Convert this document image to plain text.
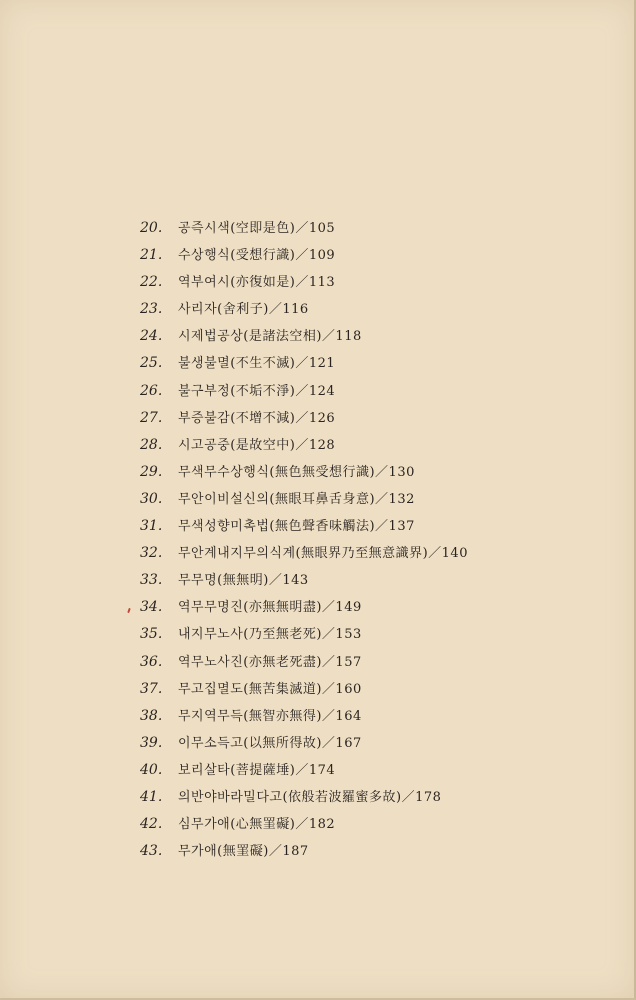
20.	공즉시색(空即是色)／105
21.	수상행식(受想行識)／109
22.	역부여시(亦復如是)／113
23.	사리자(舍利子)／116
24.	시제법공상(是諸法空相)／118
25.	불생불멸(不生不滅)／121
26.	불구부정(不垢不淨)／124
27.	부증불감(不增不減)／126
28.	시고공중(是故空中)／128
29.	무색무수상행식(無色無受想行識)／130
30.	무안이비설신의(無眼耳鼻舌身意)／132
31.	무색성향미촉법(無色聲香味觸法)／137
32.	무안계내지무의식계(無眼界乃至無意識界)／140
33.	무무명(無無明)／143
34.	역무무명진(亦無無明盡)／149
35.	내지무노사(乃至無老死)／153
36.	역무노사진(亦無老死盡)／157
37.	무고집멸도(無苦集滅道)／160
38.	무지역무득(無智亦無得)／164
39.	이무소득고(以無所得故)／167
40.	보리살타(菩提薩埵)／174
41.	의반야바라밀다고(依般若波羅蜜多故)／178
42.	심무가애(心無罣礙)／182
43.	무가애(無罣礙)／187
